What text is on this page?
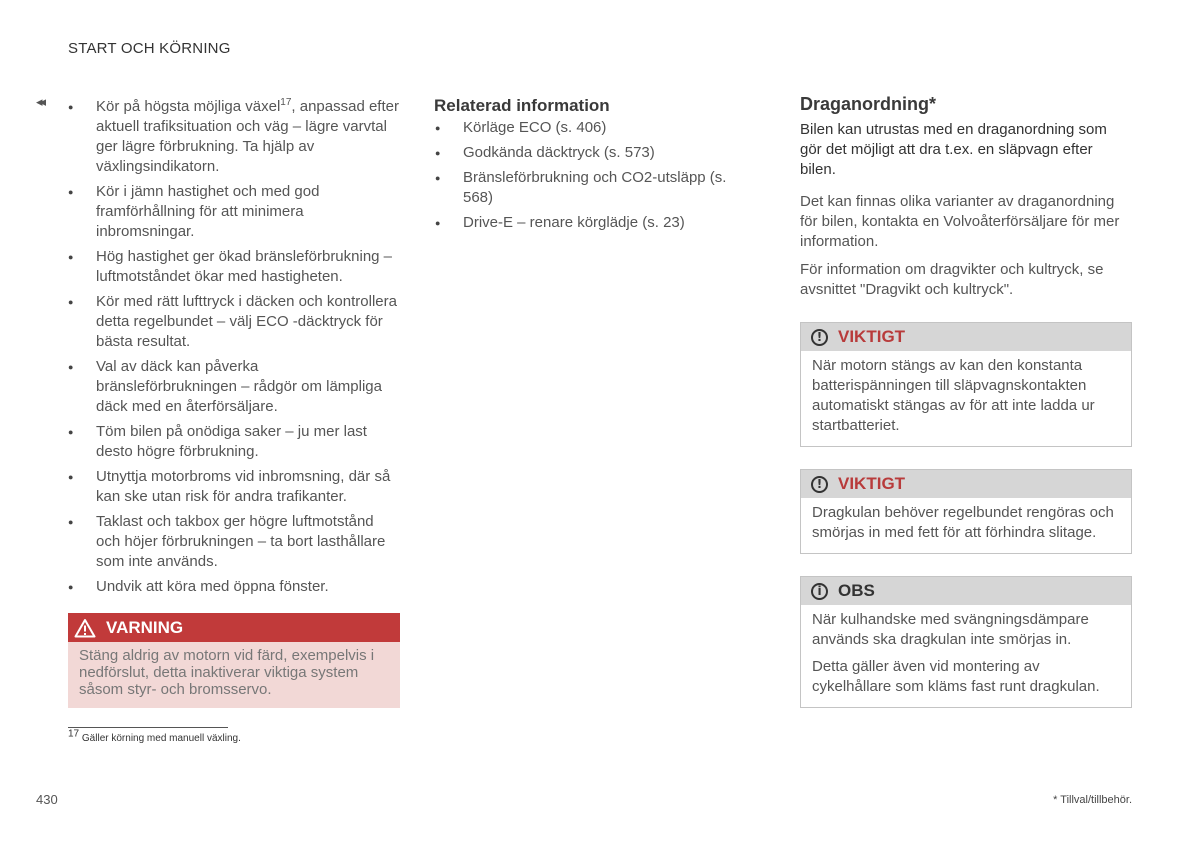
START OCH KÖRNING
◂◂
●	Kör på högsta möjliga växel$^{17}$, anpassad efter aktuell trafiksituation och väg – lägre varvtal ger lägre förbrukning. Ta hjälp av växlingsindikatorn.
● Kör i jämn hastighet och med god framförhållning för att minimera inbromsningar.
● Hög hastighet ger ökad bränsleförbrukning – luftmotståndet ökar med hastigheten.
● Kör med rätt lufttryck i däcken och kontrollera detta regelbundet – välj ECO -däcktryck för bästa resultat.
● Val av däck kan påverka bränsleförbrukningen – rådgör om lämpliga däck med en återförsäljare.
● Töm bilen på onödiga saker – ju mer last desto högre förbrukning.
● Utnyttja motorbroms vid inbromsning, där så kan ske utan risk för andra trafikanter.
● Taklast och takbox ger högre luftmotstånd och höjer förbrukningen – ta bort lasthållare som inte används.
● Undvik att köra med öppna fönster.
VARNING
Stäng aldrig av motorn vid färd, exempelvis i nedförslut, detta inaktiverar viktiga system såsom styr- och bromsservo.
Relaterad information
● Körläge ECO (s. 406)
● Godkända däcktryck (s. 573)
● Bränsleförbrukning och CO2-utsläpp (s. 568)
● Drive-E – renare körglädje (s. 23)
Draganordning*

Bilen kan utrustas med en draganordning som gör det möjligt att dra t.ex. en släpvagn efter bilen.

Det kan finnas olika varianter av draganordning för bilen, kontakta en Volvoåterförsäljare för mer information.

För information om dragvikter och kultryck, se avsnittet "Dragvikt och kultryck".

! VIKTIGT
När motorn stängs av kan den konstanta batterispänningen till släpvagnskontakten automatiskt stängas av för att inte ladda ur startbatteriet.
! VIKTIGT
Dragkulan behöver regelbundet rengöras och smörjas in med fett för att förhindra slitage.
i OBS

När kulhandske med svängningsdämpare används ska dragkulan inte smörjas in.

Detta gäller även vid montering av cykelhållare som kläms fast runt dragkulan.

$^{17}$ Gäller körning med manuell växling.
430	* Tillval/tillbehör.
